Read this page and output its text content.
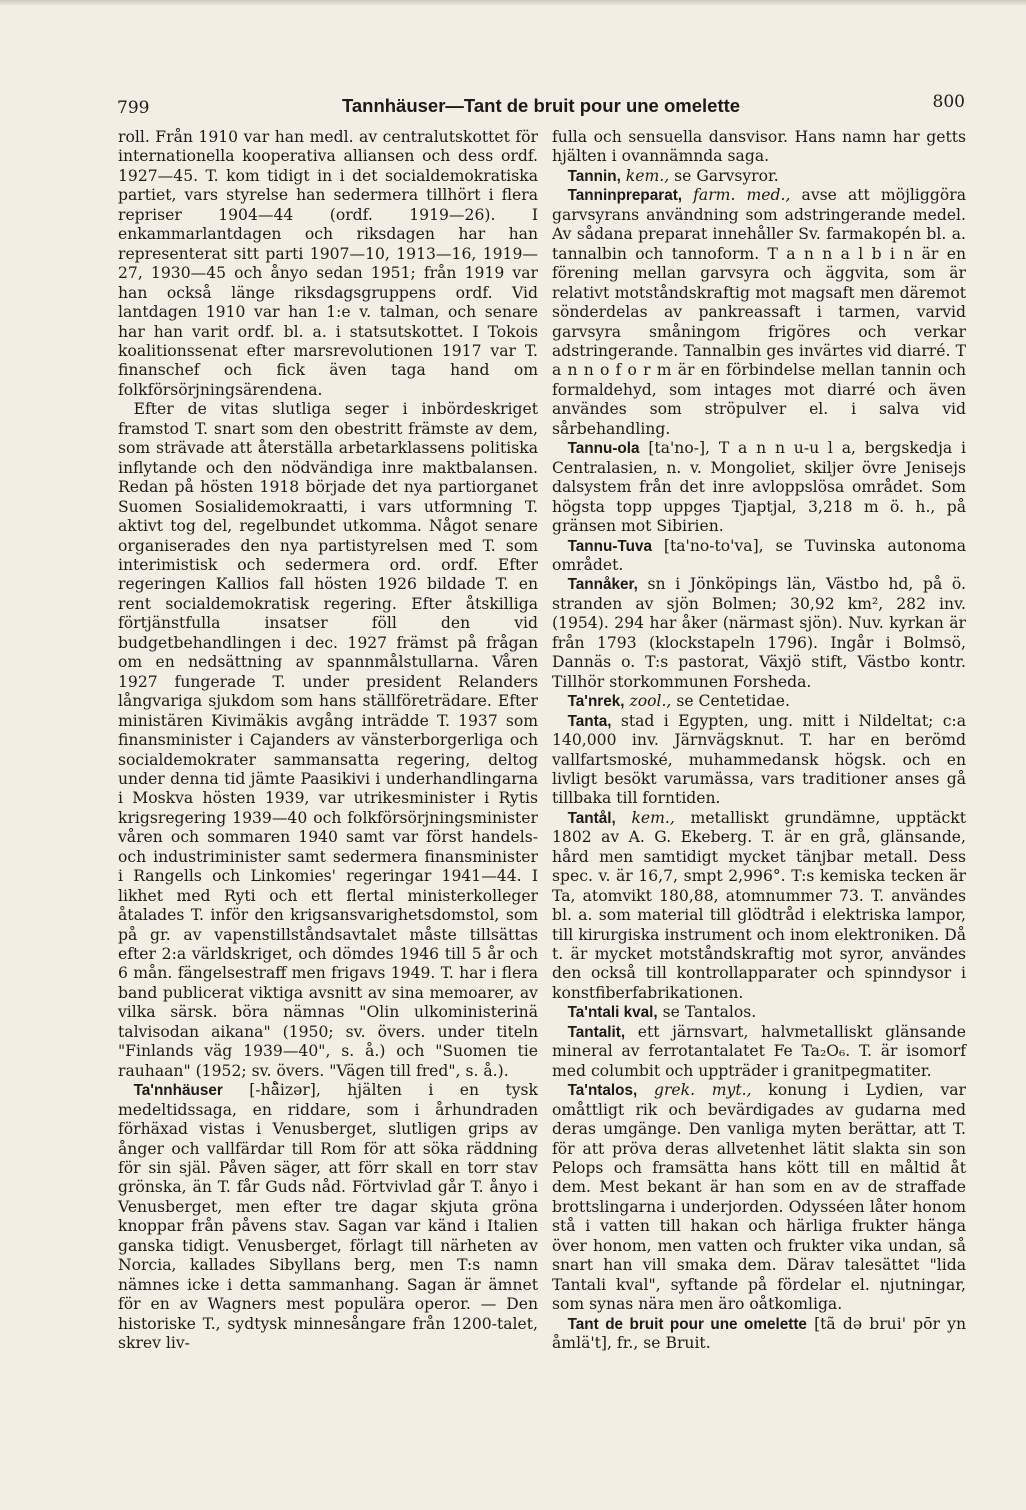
799	Tannhäuser—Tant de bruit pour une omelette	800

roll. Från 1910 var han medl. av centralutskottet för internationella kooperativa alliansen och dess ordf. 1927—45. T. kom tidigt in i det socialdemokratiska partiet, vars styrelse han sedermera tillhört i flera repriser 1904—44 (ordf. 1919—26). I enkammarlantdagen och riksdagen har han representerat sitt parti 1907—10, 1913—16, 1919—27, 1930—45 och ånyo sedan 1951; från 1919 var han också länge riksdagsgruppens ordf. Vid lantdagen 1910 var han 1:e v. talman, och senare har han varit ordf. bl. a. i statsutskottet. I Tokois koalitionssenat efter marsrevolutionen 1917 var T. finanschef och fick även taga hand om folkförsörjningsärendena.

Efter de vitas slutliga seger i inbördeskriget framstod T. snart som den obestritt främste av dem, som strävade att återställa arbetarklassens politiska inflytande och den nödvändiga inre maktbalansen. Redan på hösten 1918 började det nya partiorganet Suomen Sosialidemokraatti, i vars utformning T. aktivt tog del, regelbundet utkomma. Något senare organiserades den nya partistyrelsen med T. som interimistisk och sedermera ord. ordf. Efter regeringen Kallios fall hösten 1926 bildade T. en rent socialdemokratisk regering. Efter åtskilliga förtjänstfulla insatser föll den vid budgetbehandlingen i dec. 1927 främst på frågan om en nedsättning av spannmålstullarna. Våren 1927 fungerade T. under president Relanders långvariga sjukdom som hans ställföreträdare. Efter ministären Kivimäkis avgång inträdde T. 1937 som finansminister i Cajanders av vänsterborgerliga och socialdemokrater sammansatta regering, deltog under denna tid jämte Paasikivi i underhandlingarna i Moskva hösten 1939, var utrikesminister i Rytis krigsregering 1939—40 och folkförsörjningsminister våren och sommaren 1940 samt var först handels- och industriminister samt sedermera finansminister i Rangells och Linkomies' regeringar 1941—44. I likhet med Ryti och ett flertal ministerkolleger åtalades T. inför den krigsansvarighetsdomstol, som på gr. av vapenstillståndsavtalet måste tillsättas efter 2:a världskriget, och dömdes 1946 till 5 år och 6 mån. fängelsestraff men frigavs 1949. T. har i flera band publicerat viktiga avsnitt av sina memoarer, av vilka särsk. böra nämnas "Olin ulkoministerinä talvisodan aikana" (1950; sv. övers. under titeln "Finlands väg 1939—40", s. å.) och "Suomen tie rauhaan" (1952; sv. övers. "Vägen till fred", s. å.).

Ta'nnhäuser [-hå̈izər], hjälten i en tysk medeltidssaga, en riddare, som i århundraden förhäxad vistas i Venusberget, slutligen grips av ånger och vallfärdar till Rom för att söka räddning för sin själ. Påven säger, att förr skall en torr stav grönska, än T. får Guds nåd. Förtvivlad går T. ånyo i Venusberget, men efter tre dagar skjuta gröna knoppar från påvens stav. Sagan var känd i Italien ganska tidigt. Venusberget, förlagt till närheten av Norcia, kallades Sibyllans berg, men T:s namn nämnes icke i detta sammanhang. Sagan är ämnet för en av Wagners mest populära operor. — Den historiske T., sydtysk minnesångare från 1200-talet, skrev liv-

fulla och sensuella dansvisor. Hans namn har getts hjälten i ovannämnda saga.

Tannin, kem., se Garvsyror.

Tanninpreparat, farm. med., avse att möjliggöra garvsyrans användning som adstringerande medel. Av sådana preparat innehåller Sv. farmakopén bl. a. tannalbin och tannoform. T a n n a l b i n är en förening mellan garvsyra och äggvita, som är relativt motståndskraftig mot magsaft men däremot sönderdelas av pankreassaft i tarmen, varvid garvsyra småningom frigöres och verkar adstringerande. Tannalbin ges invärtes vid diarré. T a n n o f o r m är en förbindelse mellan tannin och formaldehyd, som intages mot diarré och även användes som ströpulver el. i salva vid sårbehandling.

Tannu-ola [ta'no-], T a n n u-u l a, bergskedja i Centralasien, n. v. Mongoliet, skiljer övre Jeniseјs dalsystem från det inre avloppslösa området. Som högsta topp uppges Tjaptjal, 3,218 m ö. h., på gränsen mot Sibirien.

Tannu-Tuva [ta'no-to'va], se Tuvinska autonoma området.

Tannåker, sn i Jönköpings län, Västbo hd, på ö. stranden av sjön Bolmen; 30,92 km², 282 inv. (1954). 294 har åker (närmast sjön). Nuv. kyrkan är från 1793 (klockstapeln 1796). Ingår i Bolmsö, Dannäs o. T:s pastorat, Växjö stift, Västbo kontr. Tillhör storkommunen Forsheda.

Ta'nrek, zool., se Centetidae.

Tanta, stad i Egypten, ung. mitt i Nildeltat; c:a 140,000 inv. Järnvägsknut. T. har en berömd vallfartsmoské, muhammedansk högsk. och en livligt besökt varumässa, vars traditioner anses gå tillbaka till forntiden.

Tantål, kem., metalliskt grundämne, upptäckt 1802 av A. G. Ekeberg. T. är en grå, glänsande, hård men samtidigt mycket tänjbar metall. Dess spec. v. är 16,7, smpt 2,996°. T:s kemiska tecken är Ta, atomvikt 180,88, atomnummer 73. T. användes bl. a. som material till glödtråd i elektriska lampor, till kirurgiska instrument och inom elektroniken. Då t. är mycket motståndskraftig mot syror, användes den också till kontrollapparater och spinndysor i konstfiberfabrikationen.

Ta'ntali kval, se Tantalos.

Tantalit, ett järnsvart, halvmetalliskt glänsande mineral av ferrotantalatet Fe Ta₂O₆. T. är isomorf med columbit och uppträder i granitpegmatiter.

Ta'ntalos, grek. myt., konung i Lydien, var omåttligt rik och bevärdigades av gudarna med deras umgänge. Den vanliga myten berättar, att T. för att pröva deras allvetenhet lätit slakta sin son Pelops och framsätta hans kött till en måltid åt dem. Mest bekant är han som en av de straffade brottslingarna i underjorden. Odysséen låter honom stå i vatten till hakan och härliga frukter hänga över honom, men vatten och frukter vika undan, så snart han vill smaka dem. Därav talesättet "lida Tantali kval", syftande på fördelar el. njutningar, som synas nära men äro oåtkomliga.

Tant de bruit pour une omelette [tã də brui' pōr yn åmlä't], fr., se Bruit.
